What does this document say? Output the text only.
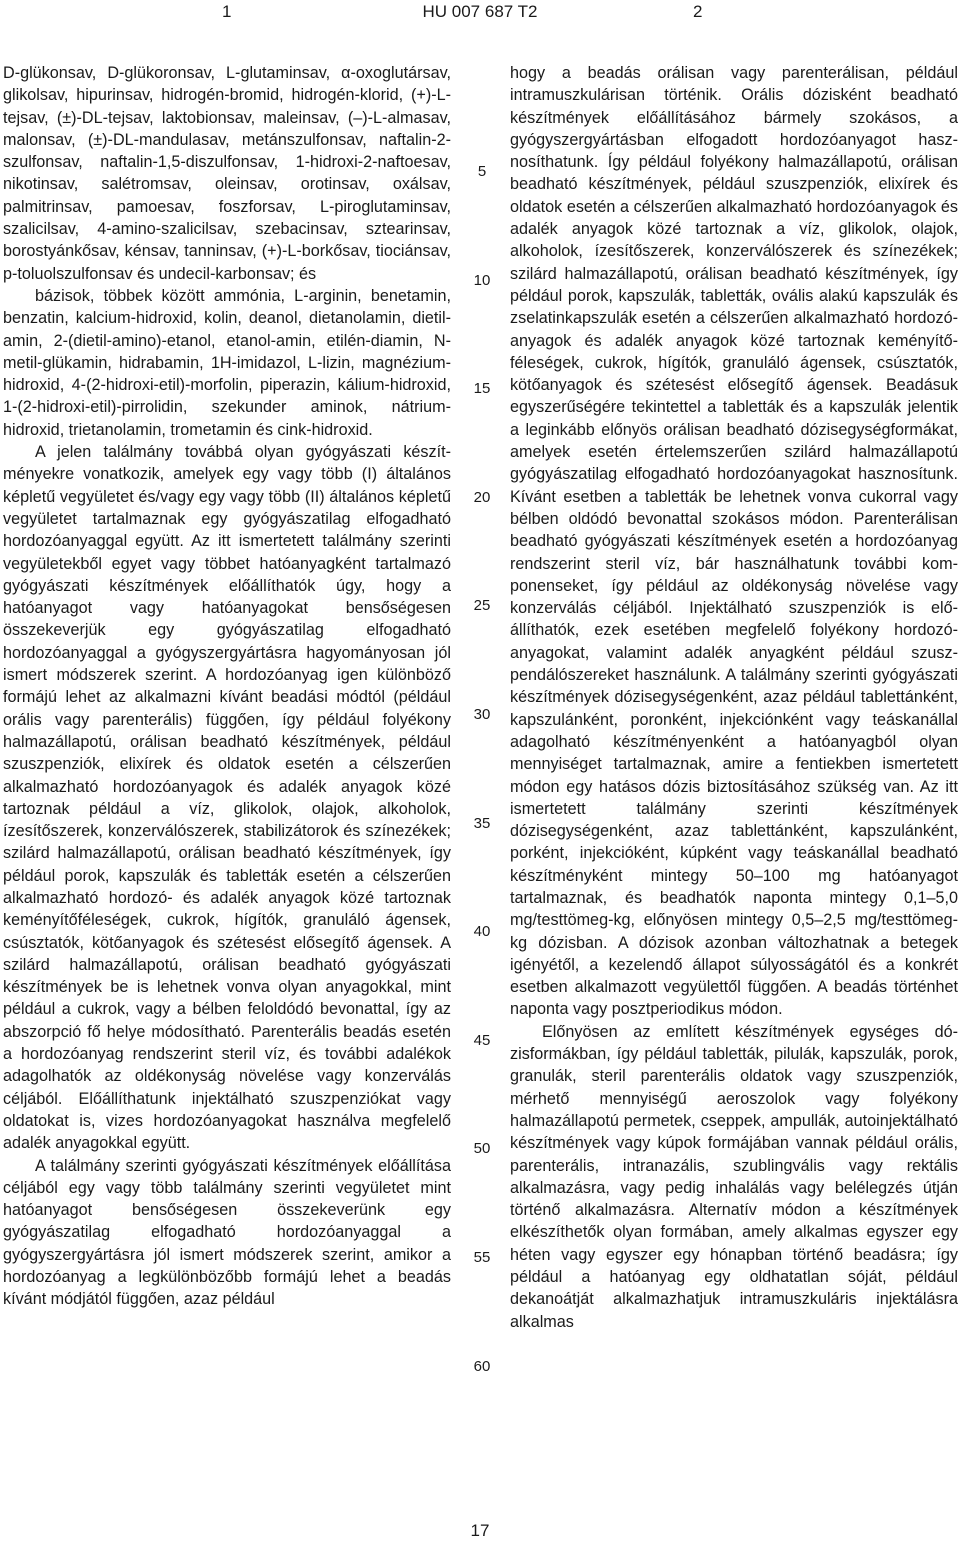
1	HU 007 687 T2	2

D-glükonsav, D-glükoronsav, L-glutaminsav, α-oxoglutársav, glikolsav, hipurinsav, hidrogén-bromid, hidrogén-klorid, (+)-L-tejsav, (±)-DL-tejsav, laktobionsav, maleinsav, (–)-L-almasav, malonsav, (±)-DL-mandulasav, metánszulfonsav, naftalin-2-szulfonsav, naftalin-1,5-diszulfonsav, 1-hidroxi-2-naftoesav, nikotinsav, salétromsav, oleinsav, orotinsav, oxálsav, palmitrinsav, pamoesav, foszforsav, L-piroglutaminsav, szalicilsav, 4-amino-szalicilsav, szebacinsav, sztearinsav, borostyánkősav, kénsav, tanninsav, (+)-L-borkősav, tiociánsav, p-toluolszulfonsav és undecil-karbonsav; és

bázisok, többek között ammónia, L-arginin, benetamin, benzatin, kalcium-hidroxid, kolin, deanol, dietanolamin, dietil-amin, 2-(dietil-amino)-etanol, etanol-amin, etilén-diamin, N-metil-glükamin, hidrabamin, 1H-imidazol, L-lizin, magnézium-hidroxid, 4-(2-hidroxi-etil)-morfolin, piperazin, kálium-hidroxid, 1-(2-hidroxi-etil)-pirrolidin, szekunder aminok, nátrium-hidroxid, trietanolamin, trometamin és cink-hidroxid.

A jelen találmány továbbá olyan gyógyászati készítményekre vonatkozik, amelyek egy vagy több (I) általános képletű vegyületet és/vagy egy vagy több (II) általános képletű vegyületet tartalmaznak egy gyógyászatilag elfogadható hordozóanyaggal együtt. Az itt ismertetett találmány szerinti vegyületekből egyet vagy többet hatóanyagként tartalmazó gyógyászati készítmények előállíthatók úgy, hogy a hatóanyagot vagy hatóanyagokat bensőségesen összekeverjük egy gyógyászatilag elfogadható hordozóanyaggal a gyógyszergyártásra hagyományosan jól ismert módszerek szerint. A hordozóanyag igen különböző formájú lehet az alkalmazni kívánt beadási módtól (például orális vagy parenterális) függően, így például folyékony halmazállapotú, orálisan beadható készítmények, például szuszpenziók, elixírek és oldatok esetén a célszerűen alkalmazható hordozóanyagok és adalék anyagok közé tartoznak például a víz, glikolok, olajok, alkoholok, ízesítőszerek, konzerválószerek, stabilizátorok és színezékek; szilárd halmazállapotú, orálisan beadható készítmények, így például porok, kapszulák és tabletták esetén a célszerűen alkalmazható hordozó- és adalék anyagok közé tartoznak keményítőféleségek, cukrok, hígítók, granuláló ágensek, csúsztatók, kötőanyagok és szétesést elősegítő ágensek. A szilárd halmazállapotú, orálisan beadható gyógyászati készítmények be is lehetnek vonva olyan anyagokkal, mint például a cukrok, vagy a bélben feloldódó bevonattal, így az abszorpció fő helye módosítható. Parenterális beadás esetén a hordozóanyag rendszerint steril víz, és további adalékok adagolhatók az oldékonyság növelése vagy konzerválás céljából. Előállíthatunk injektálható szuszpenziókat vagy oldatokat is, vizes hordozóanyagokat használva megfelelő adalék anyagokkal együtt.

A találmány szerinti gyógyászati készítmények előállítása céljából egy vagy több találmány szerinti vegyületet mint hatóanyagot bensőségesen összekeverünk egy gyógyászatilag elfogadható hordozóanyaggal a gyógyszergyártásra jól ismert módszerek szerint, amikor a hordozóanyag a legkülönbözőbb formájú lehet a beadás kívánt módjától függően, azaz például

hogy a beadás orálisan vagy parenterálisan, például intramuszkulárisan történik. Orális dózisként beadható készítmények előállításához bármely szokásos, a gyógyszergyártásban elfogadott hordozóanyagot hasznosíthatunk. Így például folyékony halmazállapotú, orálisan beadható készítmények, például szuszpenziók, elixírek és oldatok esetén a célszerűen alkalmazható hordozóanyagok és adalék anyagok közé tartoznak a víz, glikolok, olajok, alkoholok, ízesítőszerek, konzerválószerek és színezékek; szilárd halmazállapotú, orálisan beadható készítmények, így például porok, kapszulák, tabletták, ovális alakú kapszulák és zselatinkapszulák esetén a célszerűen alkalmazható hordozóanyagok és adalék anyagok közé tartoznak keményítőféleségek, cukrok, hígítók, granuláló ágensek, csúsztatók, kötőanyagok és szétesést elősegítő ágensek. Beadásuk egyszerűségére tekintettel a tabletták és a kapszulák jelentik a leginkább előnyös orálisan beadható dózisegységformákat, amelyek esetén értelemszerűen szilárd halmazállapotú gyógyászatilag elfogadható hordozóanyagokat hasznosítunk. Kívánt esetben a tabletták be lehetnek vonva cukorral vagy bélben oldódó bevonattal szokásos módon. Parenterálisan beadható gyógyászati készítmények esetén a hordozóanyag rendszerint steril víz, bár használhatunk további komponenseket, így például az oldékonyság növelése vagy konzerválás céljából. Injektálható szuszpenziók is előállíthatók, ezek esetében megfelelő folyékony hordozóanyagokat, valamint adalék anyagként például szuszpendálószereket használunk. A találmány szerinti gyógyászati készítmények dózisegységenként, azaz például tablettánként, kapszulánként, poronként, injekciónként vagy teáskanállal adagolható készítményenként a hatóanyagból olyan mennyiséget tartalmaznak, amire a fentiekben ismertetett módon egy hatásos dózis biztosításához szükség van. Az itt ismertetett találmány szerinti készítmények dózisegységenként, azaz tablettánként, kapszulánként, porként, injekcióként, kúpként vagy teáskanállal beadható készítményként mintegy 50–100 mg hatóanyagot tartalmaznak, és beadhatók naponta mintegy 0,1–5,0 mg/testtömeg-kg, előnyösen mintegy 0,5–2,5 mg/testtömeg-kg dózisban. A dózisok azonban változhatnak a betegek igényétől, a kezelendő állapot súlyosságától és a konkrét esetben alkalmazott vegyülettől függően. A beadás történhet naponta vagy posztperiodikus módon.

Előnyösen az említett készítmények egységes dózisformákban, így például tabletták, pilulák, kapszulák, porok, granulák, steril parenterális oldatok vagy szuszpenziók, mérhető mennyiségű aeroszolok vagy folyékony halmazállapotú permetek, cseppek, ampullák, autoinjektálható készítmények vagy kúpok formájában vannak például orális, parenterális, intranazális, szublingvális vagy rektális alkalmazásra, vagy pedig inhalálás vagy belélegzés útján történő alkalmazásra. Alternatív módon a készítmények elkészíthetők olyan formában, amely alkalmas egyszer egy héten vagy egyszer egy hónapban történő beadásra; így például a hatóanyag egy oldhatatlan sóját, például dekanoátját alkalmazhatjuk intramuszkuláris injektálásra alkalmas

5
10
15
20
25
30
35
40
45
50
55
60
17
